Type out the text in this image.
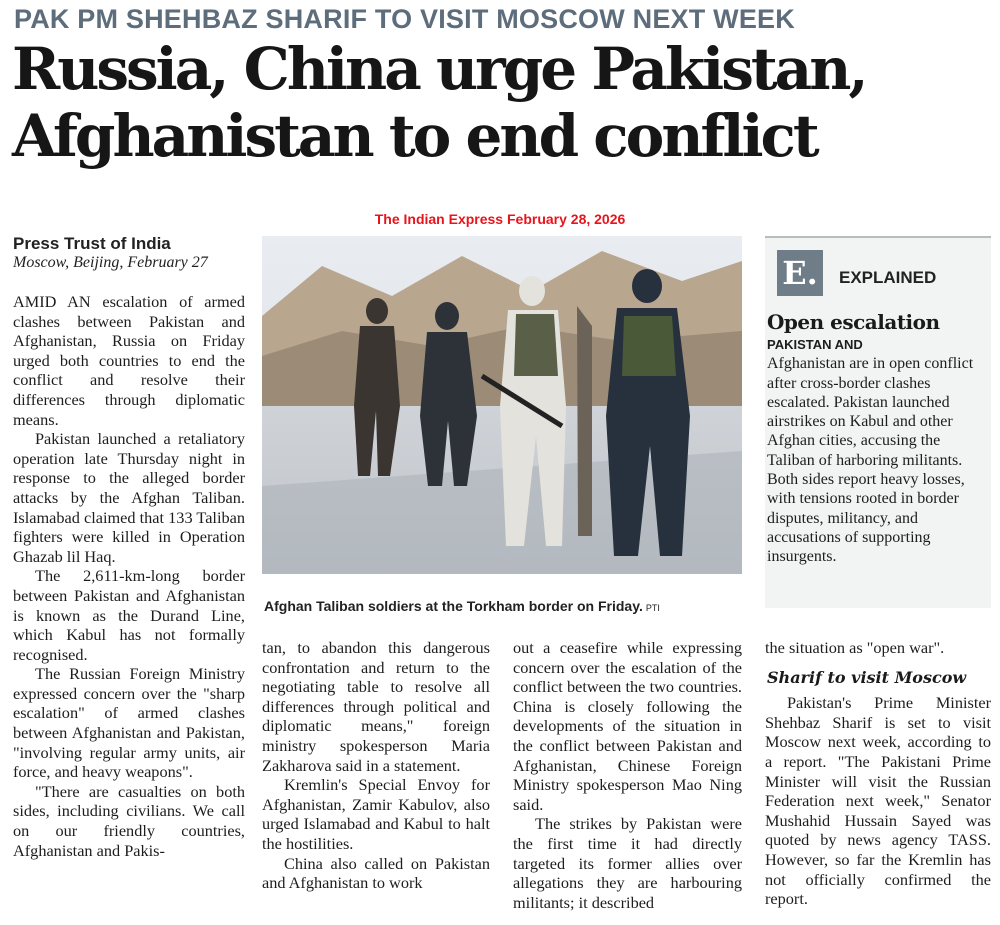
PAK PM SHEHBAZ SHARIF TO VISIT MOSCOW NEXT WEEK
Russia, China urge Pakistan,
Afghanistan to end conflict
The Indian Express February 28, 2026
Press Trust of India
Moscow, Beijing, February 27

AMID AN escalation of armed clashes between Pakistan and Afghanistan, Russia on Friday urged both countries to end the conflict and resolve their differences through diplomatic means.

Pakistan launched a retaliatory operation late Thursday night in response to the alleged border attacks by the Afghan Taliban. Islamabad claimed that 133 Taliban fighters were killed in Operation Ghazab lil Haq.

The 2,611-km-long border between Pakistan and Afghanistan is known as the Durand Line, which Kabul has not formally recognised.

The Russian Foreign Ministry expressed concern over the "sharp escalation" of armed clashes between Afghanistan and Pakistan, "involving regular army units, air force, and heavy weapons".

"There are casualties on both sides, including civilians. We call on our friendly countries, Afghanistan and Pakis-

Afghan Taliban soldiers at the Torkham border on Friday. PTI
E.	EXPLAINED
Open escalation
PAKISTAN AND
Afghanistan are in open conflict after cross-border clashes escalated. Pakistan launched airstrikes on Kabul and other Afghan cities, accusing the Taliban of harboring militants. Both sides report heavy losses, with tensions rooted in border disputes, militancy, and accusations of supporting insurgents.

tan, to abandon this dangerous confrontation and return to the negotiating table to resolve all differences through political and diplomatic means," foreign ministry spokesperson Maria Zakharova said in a statement.

Kremlin's Special Envoy for Afghanistan, Zamir Kabulov, also urged Islamabad and Kabul to halt the hostilities.

China also called on Pakistan and Afghanistan to work

out a ceasefire while expressing concern over the escalation of the conflict between the two countries. China is closely following the developments of the situation in the conflict between Pakistan and Afghanistan, Chinese Foreign Ministry spokesperson Mao Ning said.

The strikes by Pakistan were the first time it had directly targeted its former allies over allegations they are harbouring militants; it described

the situation as "open war".

Sharif to visit Moscow

Pakistan's Prime Minister Shehbaz Sharif is set to visit Moscow next week, according to a report. "The Pakistani Prime Minister will visit the Russian Federation next week," Senator Mushahid Hussain Sayed was quoted by news agency TASS. However, so far the Kremlin has not officially confirmed the report.
